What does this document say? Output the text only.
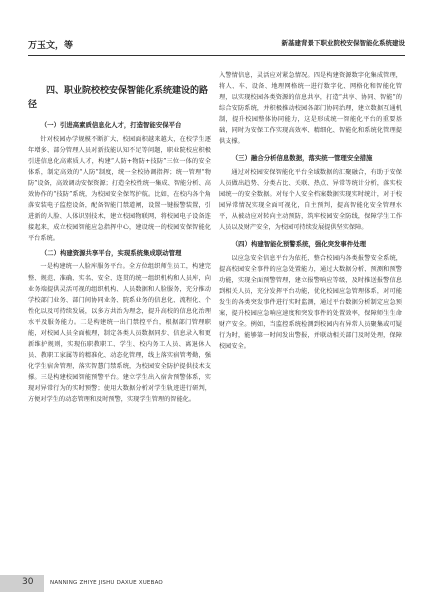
万玉文，等	新基建背景下职业院校安保智能化系统建设
四、职业院校校安保智能化系统建设的路径
（一）引进高素质信息化人才，打造智能安保平台

针对校园办学规模不断扩大、校园面积越来越大，在校学生逐年增多、部分管理人员对新技能认知不足等问题，职业院校应积极引进信息化高素质人才，构建“人防+物防+技防”三位一体的安全体系，制定高效的“人防”制度，统一全校协调指挥；统一管理“物防”设备，高效调动安保资源；打造全校性统一集成、智能分析、高效协作的“技防”系统，为校园安全保驾护航。比如，在校内各个角落安装电子监控设备，配备智能门禁道闸，设置一键报警装置，引进新的人脸、人体识别技术，建立校园物联网，将校园电子设备连接起来，成立校园智能应急指挥中心，建设统一的校园安保智能化平台系统。

（二）构建资源共享平台，实现系统集成联动管理

一是构建统一人脸库服务平台。全方位组织师生员工，构建完整、规范、准确、实名、安全、连贯的统一组织机构和人员库，向业务端提供灵活可视的组织机构、人员数据和人脸服务，充分推动学校部门业务、部门间协同业务、院系业务的信息化、流程化、个性化以及可持续发展，以多方共治为理念，提升高校的信息化治理水平及服务能力。二是构建统一出门禁控平台，根据部门管理职能，对校园人员全面梳理，制定各类人员数据同步、信息录入和更新维护规则，实现伍职教职工、学生、校内务工人员、离退休人员、教职工家属等的精准化、动态化管理，线上落实宿管考勤，强化学生宿舍管理，落实智慧门禁系统，为校园安全防护提供技术支撑。三是构建校园智能预警平台。建立学生出入宿舍预警体系，实现对异常行为的实时预警；使用大数据分析对学生轨迹进行研判，方便对学生的动态管理和及时预警，实现学生管理的智能化。

入警情信息，灵活应对紧急情况。四是构建资源数字化集成管理，将人、车、设备、地理网格统一进行数字化、网格化和智能化管理，以实现校园各类资源的信息共享，打造“共享、协同、智能”的综合安防系统，并积极推动校园各部门协同治理，建立数据互通机制，提升校园整体协同能力，这是形成统一智能化平台的重要基础，同时为安保工作实现高效率、精细化、智能化和系统化管理提供支撑。

（三）融合分析信息数据，落实统一管理安全措施

通过对校园安保智能化平台全域数据的汇聚融合，有助于安保人员做出趋势、分类占比、关联、热点、异常等统计分析，落实校园统一的安全数据。对每个人安全档案数据实现实时统计，对于校园异常情况实现全面可视化，自主预判，提高智能化安全管理水平，从被动应对转向主动预防，筑牢校园安全防线，保障学生工作人员以及财产安全，为校园可持续发展提供坚实保障。

（四）构建智能化预警系统，强化突发事件处理

以应急安全信息平台为依托，整合校园内各类报警安全系统，提高校园安全事件的应急处置能力，通过大数据分析、预测和预警功能，实现全面预警管理，建立报警响应等级，及时推送报警信息到相关人员，充分发挥平台功能，优化校园应急管理体系，对可能发生的各类突发事件进行实时监测，通过平台数据分析制定应急预案，提升校园应急响应速度和突发事件的处置效率，保障师生生命财产安全。例如，当监控系统检测到校园内有异常人员聚集或可疑行为时，能够第一时间发出警报，并联动相关部门及时处理，保障校园安全。

30	NANNING ZHIYE JISHU DAXUE XUEBAO
